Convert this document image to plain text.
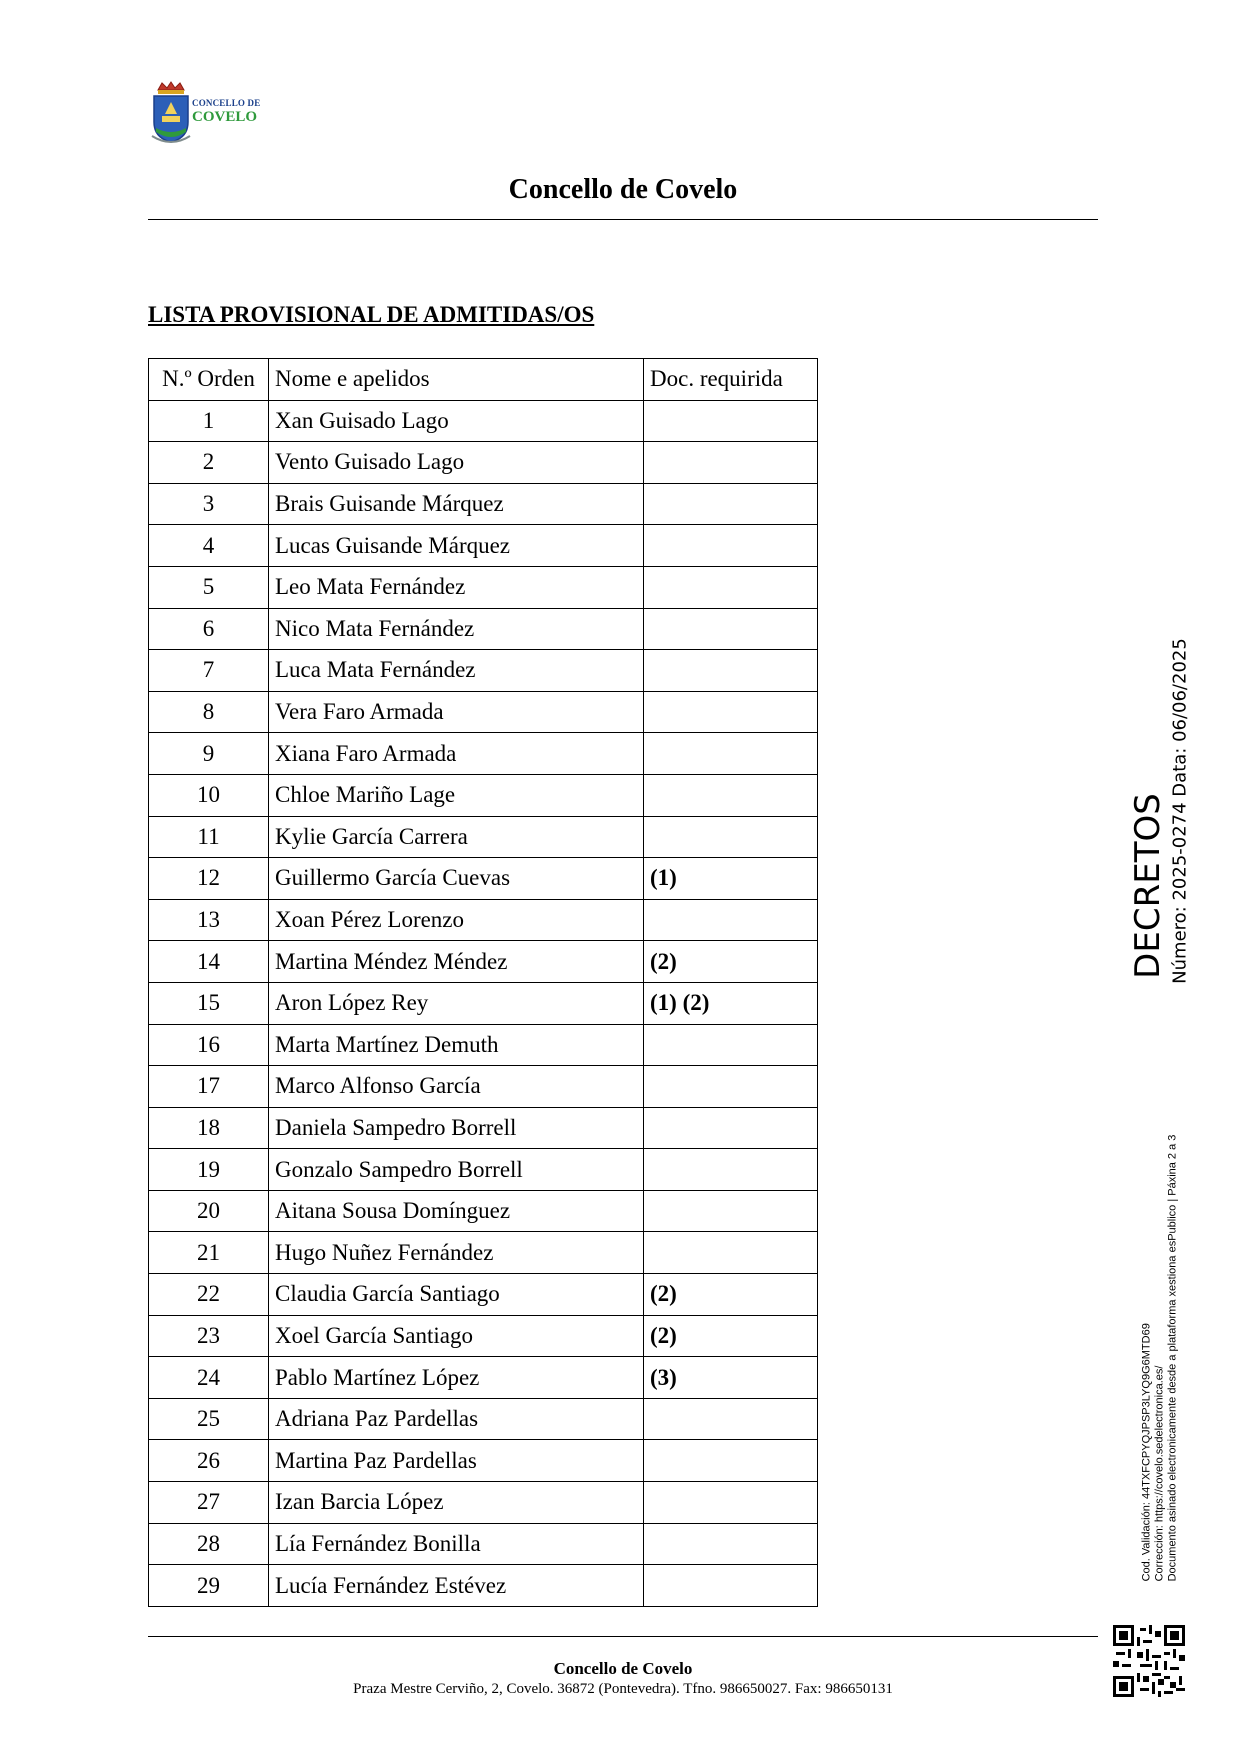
CONCELLO DE
COVELO
Concello de Covelo
LISTA PROVISIONAL DE ADMITIDAS/OS
N.º Orden	Nome e apelidos	Doc. requirida
1	Xan Guisado Lago	
2	Vento Guisado Lago	
3	Brais Guisande Márquez	
4	Lucas Guisande Márquez	
5	Leo Mata Fernández	
6	Nico Mata Fernández	
7	Luca Mata Fernández	
8	Vera Faro Armada	
9	Xiana Faro Armada	
10	Chloe Mariño Lage	
11	Kylie García Carrera	
12	Guillermo García Cuevas	(1)
13	Xoan Pérez Lorenzo	
14	Martina Méndez Méndez	(2)
15	Aron López Rey	(1) (2)
16	Marta Martínez Demuth	
17	Marco Alfonso García	
18	Daniela Sampedro Borrell	
19	Gonzalo Sampedro Borrell	
20	Aitana Sousa Domínguez	
21	Hugo Nuñez Fernández	
22	Claudia García Santiago	(2)
23	Xoel García Santiago	(2)
24	Pablo Martínez López	(3)
25	Adriana Paz Pardellas	
26	Martina Paz Pardellas	
27	Izan Barcia López	
28	Lía Fernández Bonilla	
29	Lucía Fernández Estévez	
DECRETOS Número: 2025-0274 Data: 06/06/2025
Cod. Validación: 44TXFCPYQJPSP3LYQ9G6MTD69 Corrección: https://covelo.sedelectronica.es/ Documento asinado electronicamente desde a plataforma xestiona esPublico | Páxina 2 a 3
Concello de Covelo
Praza Mestre Cerviño, 2, Covelo. 36872 (Pontevedra). Tfno. 986650027. Fax: 986650131
